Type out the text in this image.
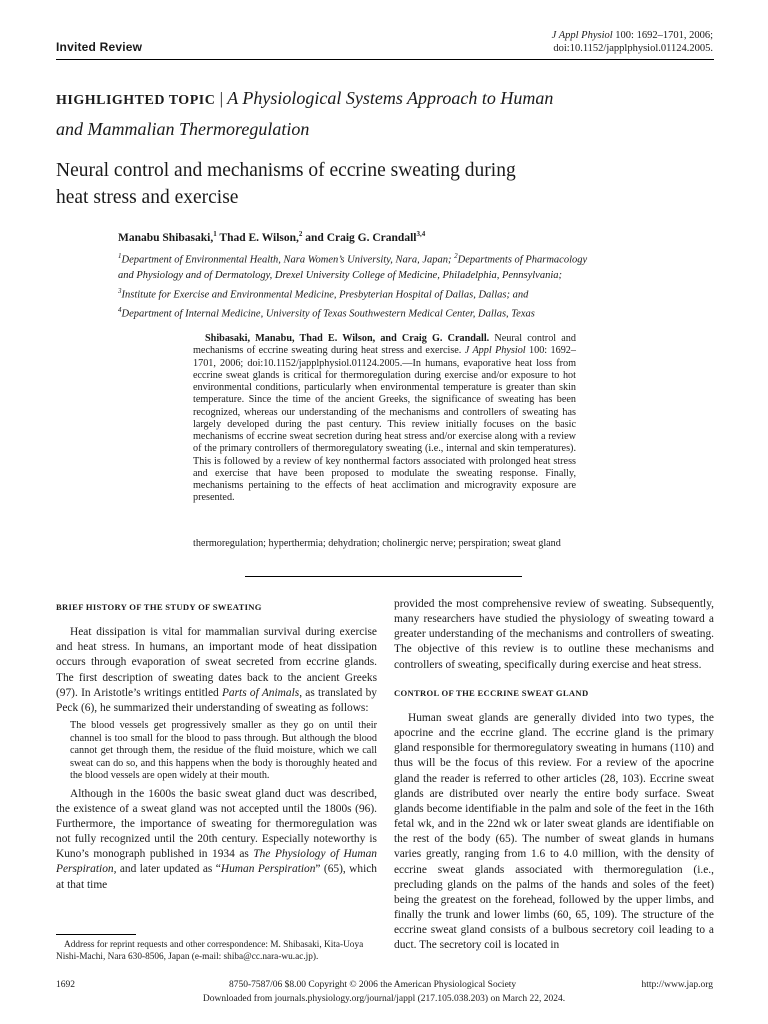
Invited Review
J Appl Physiol 100: 1692–1701, 2006;
doi:10.1152/japplphysiol.01124.2005.
HIGHLIGHTED TOPIC | A Physiological Systems Approach to Human
and Mammalian Thermoregulation
Neural control and mechanisms of eccrine sweating during
heat stress and exercise
Manabu Shibasaki,$^1$ Thad E. Wilson,$^2$ and Craig G. Crandall$^{3,4}$
$^1$Department of Environmental Health, Nara Women’s University, Nara, Japan; $^2$Departments of Pharmacology
and Physiology and of Dermatology, Drexel University College of Medicine, Philadelphia, Pennsylvania;
$^3$Institute for Exercise and Environmental Medicine, Presbyterian Hospital of Dallas, Dallas; and
$^4$Department of Internal Medicine, University of Texas Southwestern Medical Center, Dallas, Texas
Shibasaki, Manabu, Thad E. Wilson, and Craig G. Crandall. Neural control and mechanisms of eccrine sweating during heat stress and exercise. J Appl Physiol 100: 1692–1701, 2006; doi:10.1152/japplphysiol.01124.2005.—In humans, evaporative heat loss from eccrine sweat glands is critical for thermoregulation during exercise and/or exposure to hot environmental conditions, particularly when environmental temperature is greater than skin temperature. Since the time of the ancient Greeks, the significance of sweating has been recognized, whereas our understanding of the mechanisms and controllers of sweating has largely developed during the past century. This review initially focuses on the basic mechanisms of eccrine sweat secretion during heat stress and/or exercise along with a review of the primary controllers of thermoregulatory sweating (i.e., internal and skin temperatures). This is followed by a review of key nonthermal factors associated with prolonged heat stress and exercise that have been proposed to modulate the sweating response. Finally, mechanisms pertaining to the effects of heat acclimation and microgravity exposure are presented.
thermoregulation; hyperthermia; dehydration; cholinergic nerve; perspiration; sweat gland

BRIEF HISTORY OF THE STUDY OF SWEATING

Heat dissipation is vital for mammalian survival during exercise and heat stress. In humans, an important mode of heat dissipation occurs through evaporation of sweat secreted from eccrine glands. The first description of sweating dates back to the ancient Greeks (97). In Aristotle’s writings entitled Parts of Animals, as translated by Peck (6), he summarized their understanding of sweating as follows:

The blood vessels get progressively smaller as they go on until their channel is too small for the blood to pass through. But although the blood cannot get through them, the residue of the fluid moisture, which we call sweat can do so, and this happens when the body is thoroughly heated and the blood vessels are open widely at their mouth.

Although in the 1600s the basic sweat gland duct was described, the existence of a sweat gland was not accepted until the 1800s (96). Furthermore, the importance of sweating for thermoregulation was not fully recognized until the 20th century. Especially noteworthy is Kuno’s monograph published in 1934 as The Physiology of Human Perspiration, and later updated as “Human Perspiration” (65), which at that time

provided the most comprehensive review of sweating. Subsequently, many researchers have studied the physiology of sweating toward a greater understanding of the mechanisms and controllers of sweating. The objective of this review is to outline these mechanisms and controllers of sweating, specifically during exercise and heat stress.

CONTROL OF THE ECCRINE SWEAT GLAND

Human sweat glands are generally divided into two types, the apocrine and the eccrine gland. The eccrine gland is the primary gland responsible for thermoregulatory sweating in humans (110) and thus will be the focus of this review. For a review of the apocrine gland the reader is referred to other articles (28, 103). Eccrine sweat glands are distributed over nearly the entire body surface. Sweat glands become identifiable in the palm and sole of the feet in the 16th fetal wk, and in the 22nd wk or later sweat glands are identifiable on the rest of the body (65). The number of sweat glands in humans varies greatly, ranging from 1.6 to 4.0 million, with the density of eccrine sweat glands associated with thermoregulation (i.e., precluding glands on the palms of the hands and soles of the feet) being the greatest on the forehead, followed by the upper limbs, and finally the trunk and lower limbs (60, 65, 109). The structure of the eccrine sweat gland consists of a bulbous secretory coil leading to a duct. The secretory coil is located in

Address for reprint requests and other correspondence: M. Shibasaki, Kita-Uoya Nishi-Machi, Nara 630-8506, Japan (e-mail: shiba@cc.nara-wu.ac.jp).
1692	8750-7587/06 $8.00 Copyright © 2006 the American Physiological Society	http://www.jap.org
Downloaded from journals.physiology.org/journal/jappl (217.105.038.203) on March 22, 2024.
